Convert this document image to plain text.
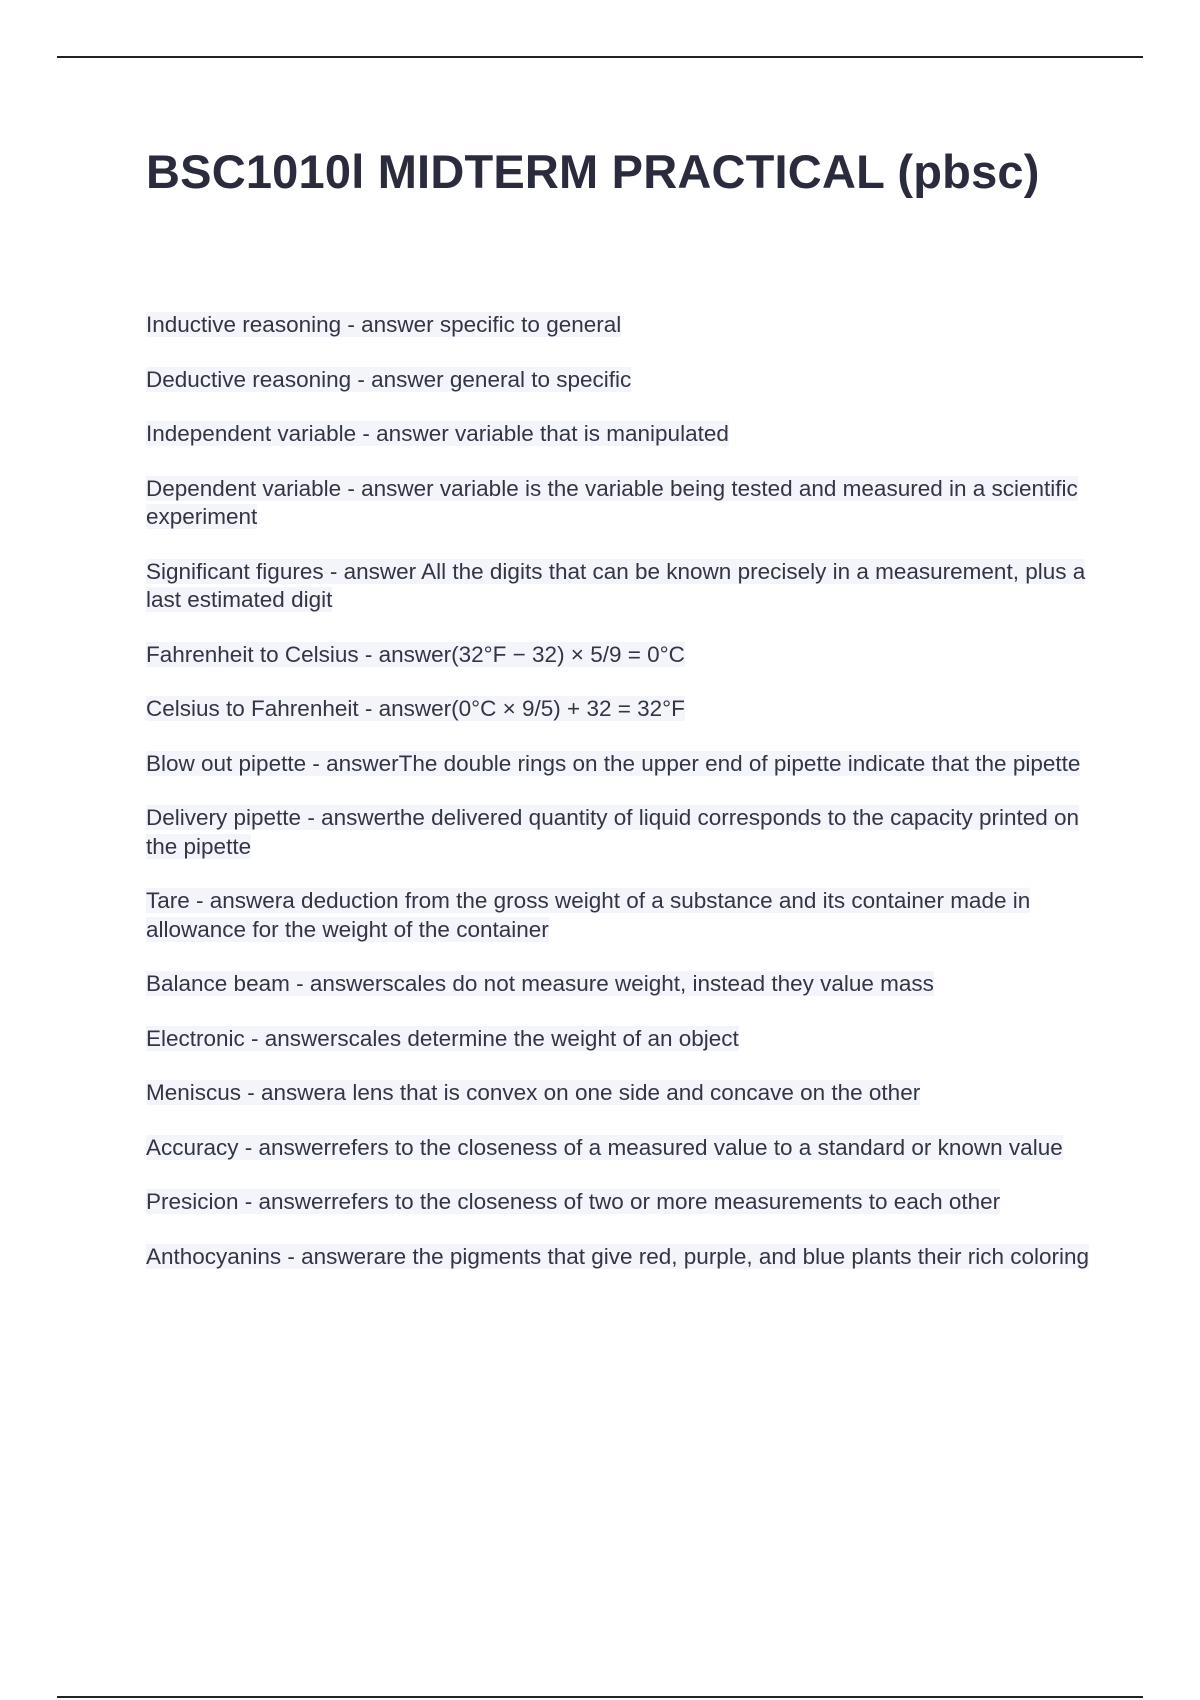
BSC1010l MIDTERM PRACTICAL (pbsc)

Inductive reasoning - answer specific to general

Deductive reasoning - answer general to specific

Independent variable - answer variable that is manipulated

Dependent variable - answer variable is the variable being tested and measured in a scientific experiment

Significant figures - answer All the digits that can be known precisely in a measurement, plus a last estimated digit

Fahrenheit to Celsius - answer(32°F − 32) × 5/9 = 0°C

Celsius to Fahrenheit - answer(0°C × 9/5) + 32 = 32°F

Blow out pipette - answerThe double rings on the upper end of pipette indicate that the pipette

Delivery pipette - answerthe delivered quantity of liquid corresponds to the capacity printed on the pipette

Tare - answera deduction from the gross weight of a substance and its container made in allowance for the weight of the container

Balance beam - answerscales do not measure weight, instead they value mass

Electronic - answerscales determine the weight of an object

Meniscus - answera lens that is convex on one side and concave on the other

Accuracy - answerrefers to the closeness of a measured value to a standard or known value

Presicion - answerrefers to the closeness of two or more measurements to each other

Anthocyanins - answerare the pigments that give red, purple, and blue plants their rich coloring
